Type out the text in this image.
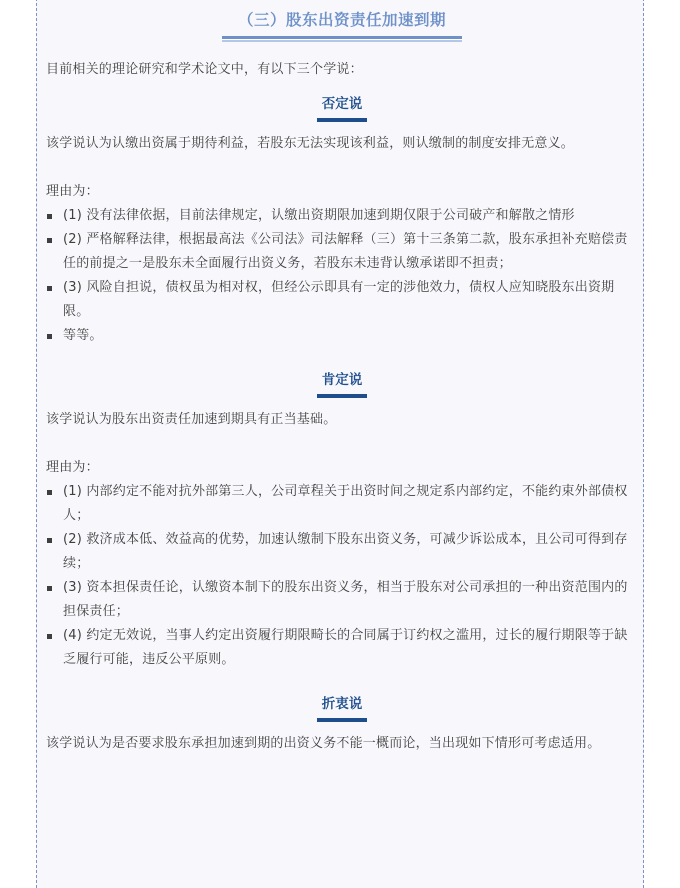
（三）股东出资责任加速到期

目前相关的理论研究和学术论文中，有以下三个学说：

否定说

该学说认为认缴出资属于期待利益，若股东无法实现该利益，则认缴制的制度安排无意义。

理由为：

(1) 没有法律依据，目前法律规定，认缴出资期限加速到期仅限于公司破产和解散之情形
(2) 严格解释法律，根据最高法《公司法》司法解释（三）第十三条第二款，股东承担补充赔偿责任的前提之一是股东未全面履行出资义务，若股东未违背认缴承诺即不担责；
(3) 风险自担说，债权虽为相对权，但经公示即具有一定的涉他效力，债权人应知晓股东出资期限。
等等。
肯定说

该学说认为股东出资责任加速到期具有正当基础。

理由为：

(1) 内部约定不能对抗外部第三人，公司章程关于出资时间之规定系内部约定，不能约束外部债权人；
(2) 救济成本低、效益高的优势，加速认缴制下股东出资义务，可减少诉讼成本，且公司可得到存续；
(3) 资本担保责任论，认缴资本制下的股东出资义务，相当于股东对公司承担的一种出资范围内的担保责任；
(4) 约定无效说，当事人约定出资履行期限畸长的合同属于订约权之滥用，过长的履行期限等于缺乏履行可能，违反公平原则。
折衷说

该学说认为是否要求股东承担加速到期的出资义务不能一概而论，当出现如下情形可考虑适用。
